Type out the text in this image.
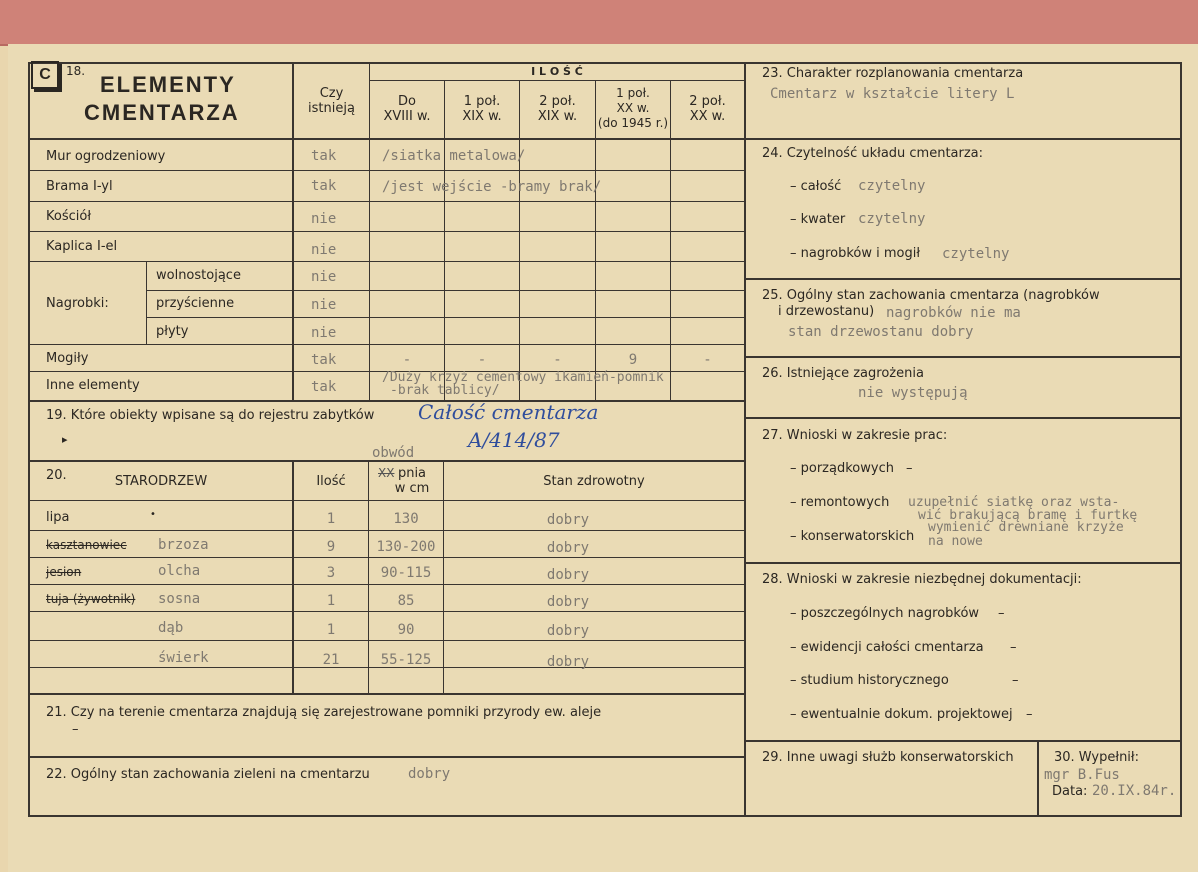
C	18.
ELEMENTY
CMENTARZA
Czy
istnieją
I L O Ś Ć
Do
XVIII w.
1 poł.
XIX w.
2 poł.
XIX w.
1 poł.
XX w.
(do 1945 r.)
2 poł.
XX w.
Mur ogrodzeniowy	tak	/siatka metalowa/
Brama I-yl	tak	/jest wejście -bramy brak/
Kościół	nie
Kaplica I-el	nie
Nagrobki:
wolnostojące	nie
przyścienne	nie
płyty	nie
Mogiły	tak	-	-	-	9	-
Inne elementy	tak
/Duży krzyż cementowy ikamień-pomnik
-brak tablicy/
19. Które obiekty wpisane są do rejestru zabytków
▸
Całość cmentarza
A/414/87
obwód
20.	STARODRZEW	Ilość
pnia
w cm
XX
Stan zdrowotny
lipa	•	1	130	dobry
kasztanowiec brzoza	9	130-200	dobry
jesion	olcha	3	90-115	dobry
tuja (żywotnik) sosna	1	85	dobry
dąb	1	90	dobry
świerk	21	55-125	dobry
21. Czy na terenie cmentarza znajdują się zarejestrowane pomniki przyrody ew. aleje
–
22. Ogólny stan zachowania zieleni na cmentarzu	dobry
23. Charakter rozplanowania cmentarza
Cmentarz w kształcie litery L
24. Czytelność układu cmentarza:
– całość czytelny
– kwater czytelny
– nagrobków i mogił czytelny
25. Ogólny stan zachowania cmentarza (nagrobków
i drzewostanu) nagrobków nie ma
stan drzewostanu dobry
26. Istniejące zagrożenia
nie występują
27. Wnioski w zakresie prac:
– porządkowych –
– remontowych uzupełnić siatkę oraz wsta-
wić brakującą bramę i furtkę
– konserwatorskich
wymienić drewniane krzyże
na nowe
28. Wnioski w zakresie niezbędnej dokumentacji:
– poszczególnych nagrobków –
– ewidencji całości cmentarza –
– studium historycznego	–
– ewentualnie dokum. projektowej –
29. Inne uwagi służb konserwatorskich	30. Wypełnił:
mgr B.Fus
Data: 20.IX.84r.
